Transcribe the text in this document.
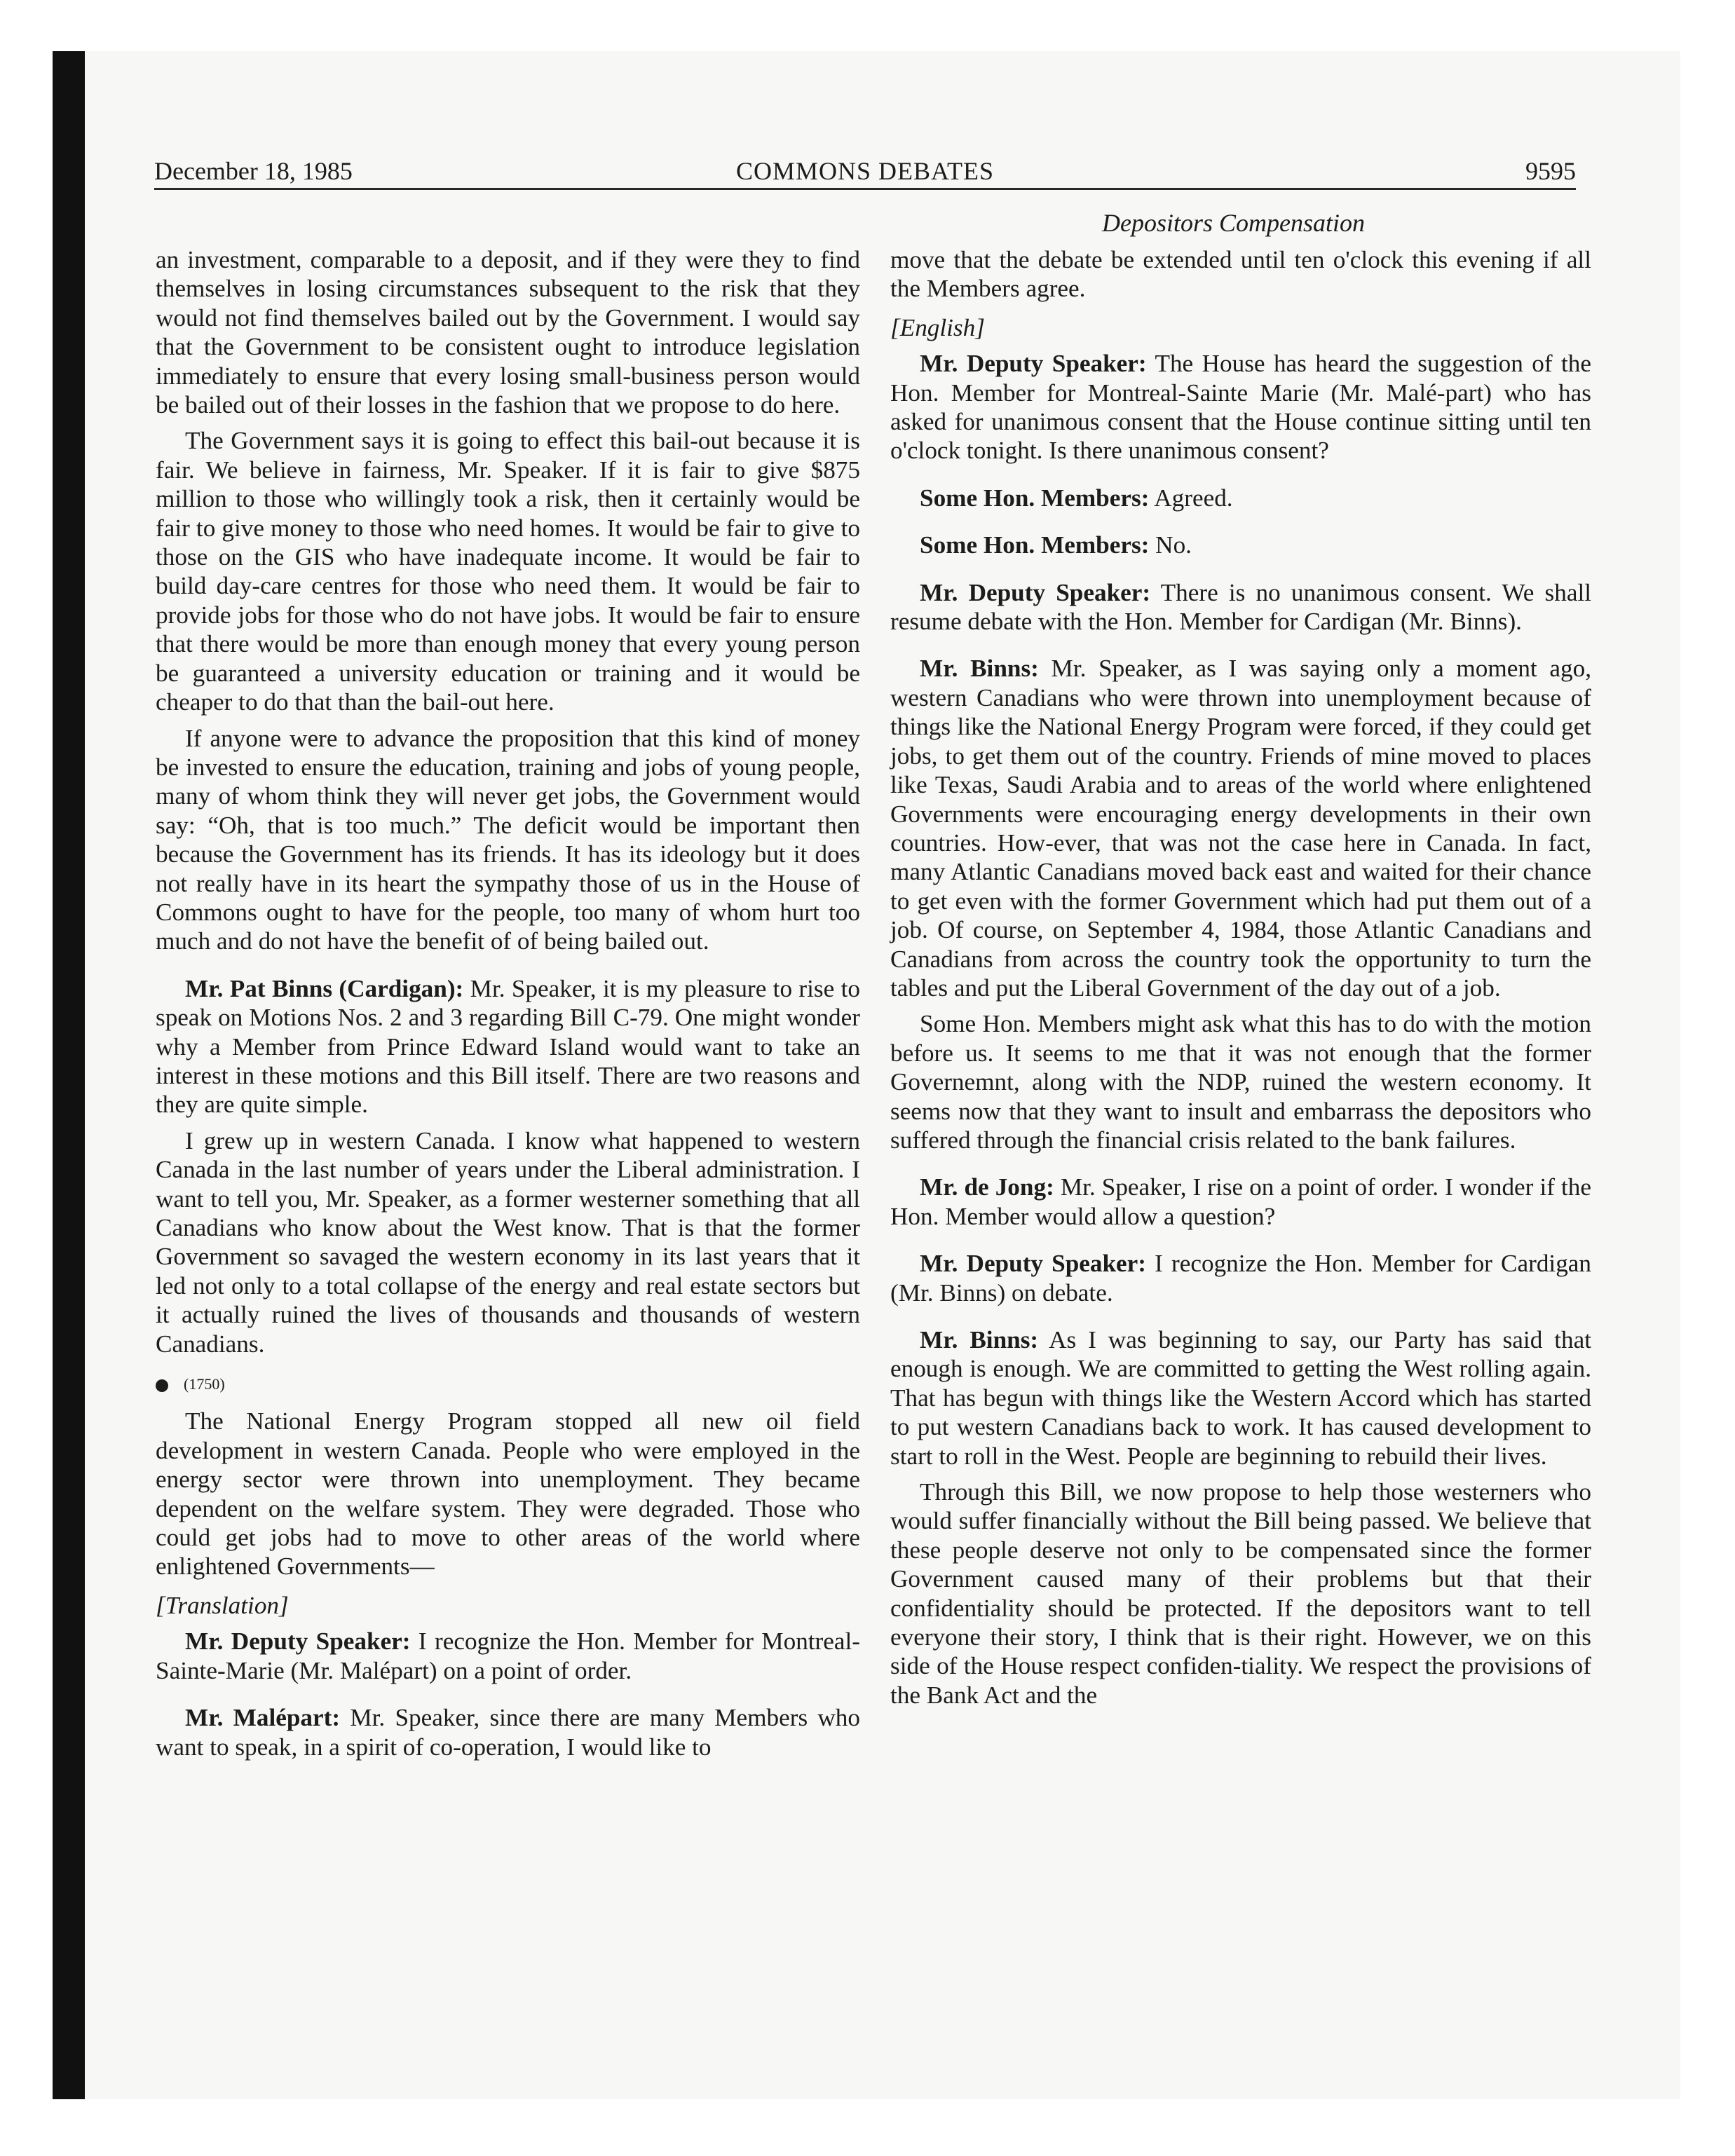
December 18, 1985	COMMONS DEBATES	9595
Depositors Compensation

an investment, comparable to a deposit, and if they were they to find themselves in losing circumstances subsequent to the risk that they would not find themselves bailed out by the Government. I would say that the Government to be consistent ought to introduce legislation immediately to ensure that every losing small-business person would be bailed out of their losses in the fashion that we propose to do here.

The Government says it is going to effect this bail-out because it is fair. We believe in fairness, Mr. Speaker. If it is fair to give $875 million to those who willingly took a risk, then it certainly would be fair to give money to those who need homes. It would be fair to give to those on the GIS who have inadequate income. It would be fair to build day-care centres for those who need them. It would be fair to provide jobs for those who do not have jobs. It would be fair to ensure that there would be more than enough money that every young person be guaranteed a university education or training and it would be cheaper to do that than the bail-out here.

If anyone were to advance the proposition that this kind of money be invested to ensure the education, training and jobs of young people, many of whom think they will never get jobs, the Government would say: “Oh, that is too much.” The deficit would be important then because the Government has its friends. It has its ideology but it does not really have in its heart the sympathy those of us in the House of Commons ought to have for the people, too many of whom hurt too much and do not have the benefit of of being bailed out.

Mr. Pat Binns (Cardigan): Mr. Speaker, it is my pleasure to rise to speak on Motions Nos. 2 and 3 regarding Bill C-79. One might wonder why a Member from Prince Edward Island would want to take an interest in these motions and this Bill itself. There are two reasons and they are quite simple.

I grew up in western Canada. I know what happened to western Canada in the last number of years under the Liberal administration. I want to tell you, Mr. Speaker, as a former westerner something that all Canadians who know about the West know. That is that the former Government so savaged the western economy in its last years that it led not only to a total collapse of the energy and real estate sectors but it actually ruined the lives of thousands and thousands of western Canadians.

(1750)

The National Energy Program stopped all new oil field development in western Canada. People who were employed in the energy sector were thrown into unemployment. They became dependent on the welfare system. They were degraded. Those who could get jobs had to move to other areas of the world where enlightened Governments—

[Translation]

Mr. Deputy Speaker: I recognize the Hon. Member for Montreal-Sainte-Marie (Mr. Malépart) on a point of order.

Mr. Malépart: Mr. Speaker, since there are many Members who want to speak, in a spirit of co-operation, I would like to

move that the debate be extended until ten o'clock this evening if all the Members agree.

[English]

Mr. Deputy Speaker: The House has heard the suggestion of the Hon. Member for Montreal-Sainte Marie (Mr. Malé-part) who has asked for unanimous consent that the House continue sitting until ten o'clock tonight. Is there unanimous consent?

Some Hon. Members: Agreed.

Some Hon. Members: No.

Mr. Deputy Speaker: There is no unanimous consent. We shall resume debate with the Hon. Member for Cardigan (Mr. Binns).

Mr. Binns: Mr. Speaker, as I was saying only a moment ago, western Canadians who were thrown into unemployment because of things like the National Energy Program were forced, if they could get jobs, to get them out of the country. Friends of mine moved to places like Texas, Saudi Arabia and to areas of the world where enlightened Governments were encouraging energy developments in their own countries. How-ever, that was not the case here in Canada. In fact, many Atlantic Canadians moved back east and waited for their chance to get even with the former Government which had put them out of a job. Of course, on September 4, 1984, those Atlantic Canadians and Canadians from across the country took the opportunity to turn the tables and put the Liberal Government of the day out of a job.

Some Hon. Members might ask what this has to do with the motion before us. It seems to me that it was not enough that the former Governemnt, along with the NDP, ruined the western economy. It seems now that they want to insult and embarrass the depositors who suffered through the financial crisis related to the bank failures.

Mr. de Jong: Mr. Speaker, I rise on a point of order. I wonder if the Hon. Member would allow a question?

Mr. Deputy Speaker: I recognize the Hon. Member for Cardigan (Mr. Binns) on debate.

Mr. Binns: As I was beginning to say, our Party has said that enough is enough. We are committed to getting the West rolling again. That has begun with things like the Western Accord which has started to put western Canadians back to work. It has caused development to start to roll in the West. People are beginning to rebuild their lives.

Through this Bill, we now propose to help those westerners who would suffer financially without the Bill being passed. We believe that these people deserve not only to be compensated since the former Government caused many of their problems but that their confidentiality should be protected. If the depositors want to tell everyone their story, I think that is their right. However, we on this side of the House respect confiden-tiality. We respect the provisions of the Bank Act and the
